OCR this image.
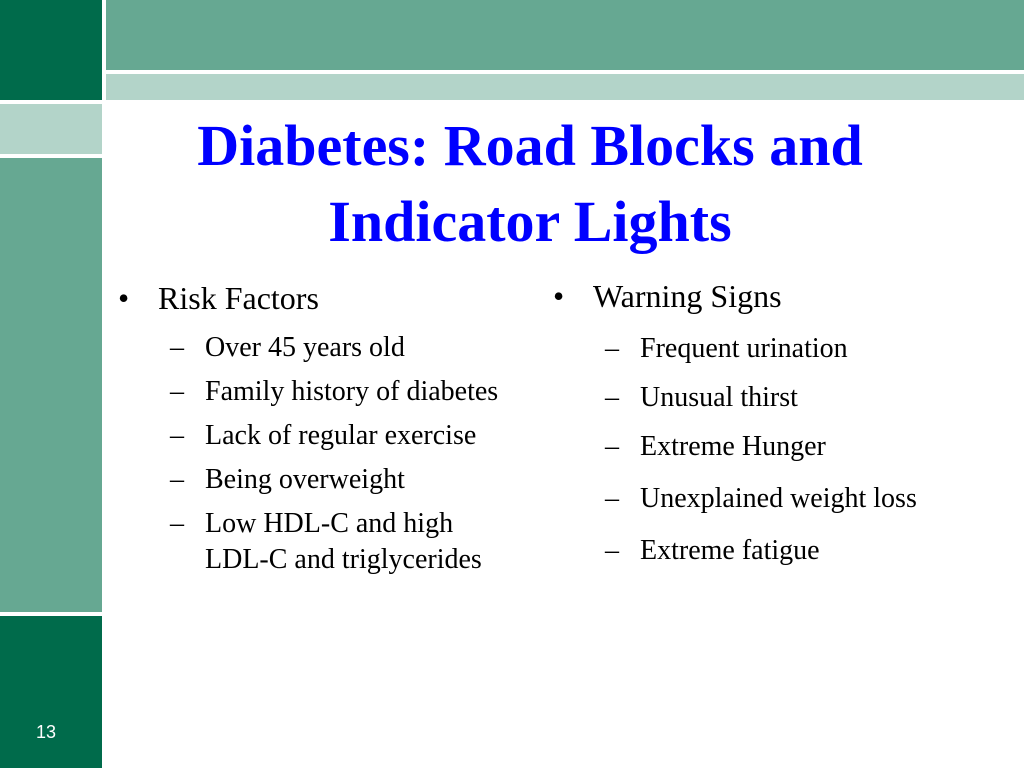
Diabetes: Road Blocks and Indicator Lights
• Risk Factors
– Over 45 years old
– Family history of diabetes
– Lack of regular exercise
– Being overweight
– Low HDL-C and high LDL-C and triglycerides
• Warning Signs
– Frequent urination
– Unusual thirst
– Extreme Hunger
– Unexplained weight loss
– Extreme fatigue
13
